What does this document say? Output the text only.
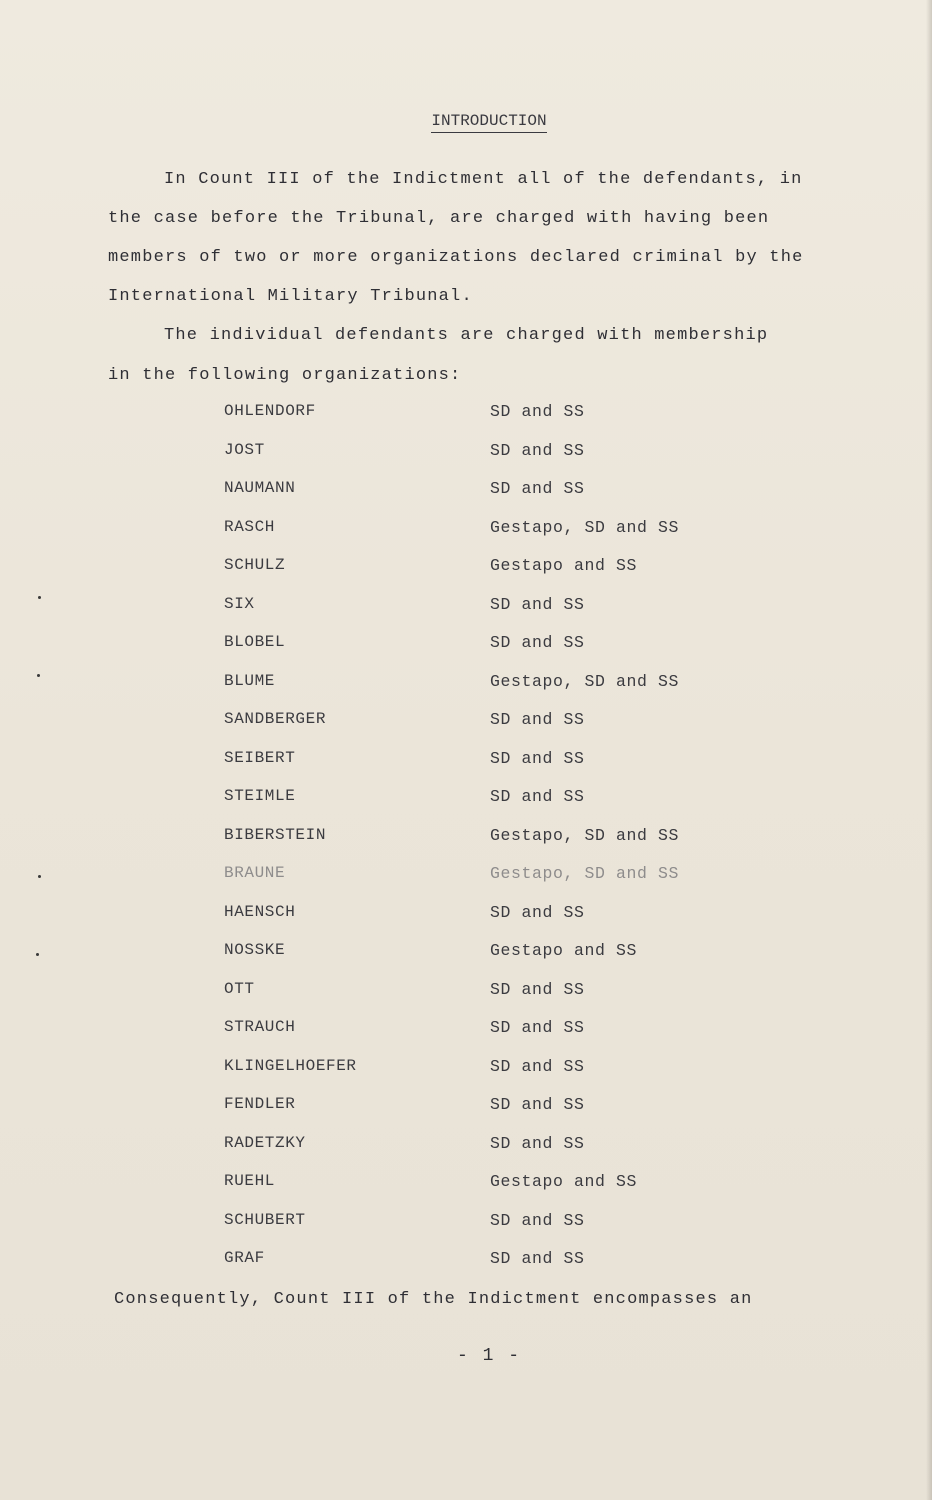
INTRODUCTION
In Count III of the Indictment all of the defendants, in
the case before the Tribunal, are charged with having been
members of two or more organizations declared criminal by the
International Military Tribunal.
The individual defendants are charged with membership
in the following organizations:
OHLENDORF	SD and SS
JOST	SD and SS
NAUMANN	SD and SS
RASCH	Gestapo, SD and SS
SCHULZ	Gestapo and SS
SIX	SD and SS
BLOBEL	SD and SS
BLUME	Gestapo, SD and SS
SANDBERGER	SD and SS
SEIBERT	SD and SS
STEIMLE	SD and SS
BIBERSTEIN	Gestapo, SD and SS
BRAUNE	Gestapo, SD and SS
HAENSCH	SD and SS
NOSSKE	Gestapo and SS
OTT	SD and SS
STRAUCH	SD and SS
KLINGELHOEFER	SD and SS
FENDLER	SD and SS
RADETZKY	SD and SS
RUEHL	Gestapo and SS
SCHUBERT	SD and SS
GRAF	SD and SS
Consequently, Count III of the Indictment encompasses an
- 1 -
